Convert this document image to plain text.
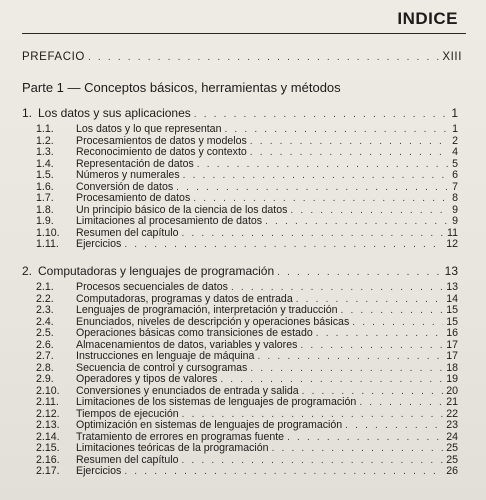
INDICE
PREFACIO . . .	XIII
Parte 1 — Conceptos básicos, herramientas y métodos
1. Los datos y sus aplicaciones . . .	1
1.1.	Los datos y lo que representan . . .	1
1.2.	Procesamientos de datos y modelos . . .	2
1.3.	Reconocimiento de datos y contexto . . .	4
1.4.	Representación de datos . . .	5
1.5.	Números y numerales . . .	6
1.6.	Conversión de datos . . .	7
1.7.	Procesamiento de datos . . .	8
1.8.	Un principio básico de la ciencia de los datos . . .	9
1.9.	Limitaciones al procesamiento de datos . . .	9
1.10.	Resumen del capítulo . . .	11
1.11.	Ejercicios . . .	12
2. Computadoras y lenguajes de programación . . .	13
2.1.	Procesos secuenciales de datos . . .	13
2.2.	Computadoras, programas y datos de entrada . . .	14
2.3.	Lenguajes de programación, interpretación y traducción . . .	15
2.4.	Enunciados, niveles de descripción y operaciones básicas . . .	15
2.5.	Operaciones básicas como transiciones de estado . . .	16
2.6.	Almacenamientos de datos, variables y valores . . .	17
2.7.	Instrucciones en lenguaje de máquina . . .	17
2.8.	Secuencia de control y cursogramas . . .	18
2.9.	Operadores y tipos de valores . . .	19
2.10.	Conversiones y enunciados de entrada y salida . . .	20
2.11.	Limitaciones de los sistemas de lenguajes de programación . . .	21
2.12.	Tiempos de ejecución . . .	22
2.13.	Optimización en sistemas de lenguajes de programación . . .	23
2.14.	Tratamiento de errores en programas fuente . . .	24
2.15.	Limitaciones teóricas de la programación . . .	25
2.16.	Resumen del capítulo . . .	25
2.17.	Ejercicios . . .	26
